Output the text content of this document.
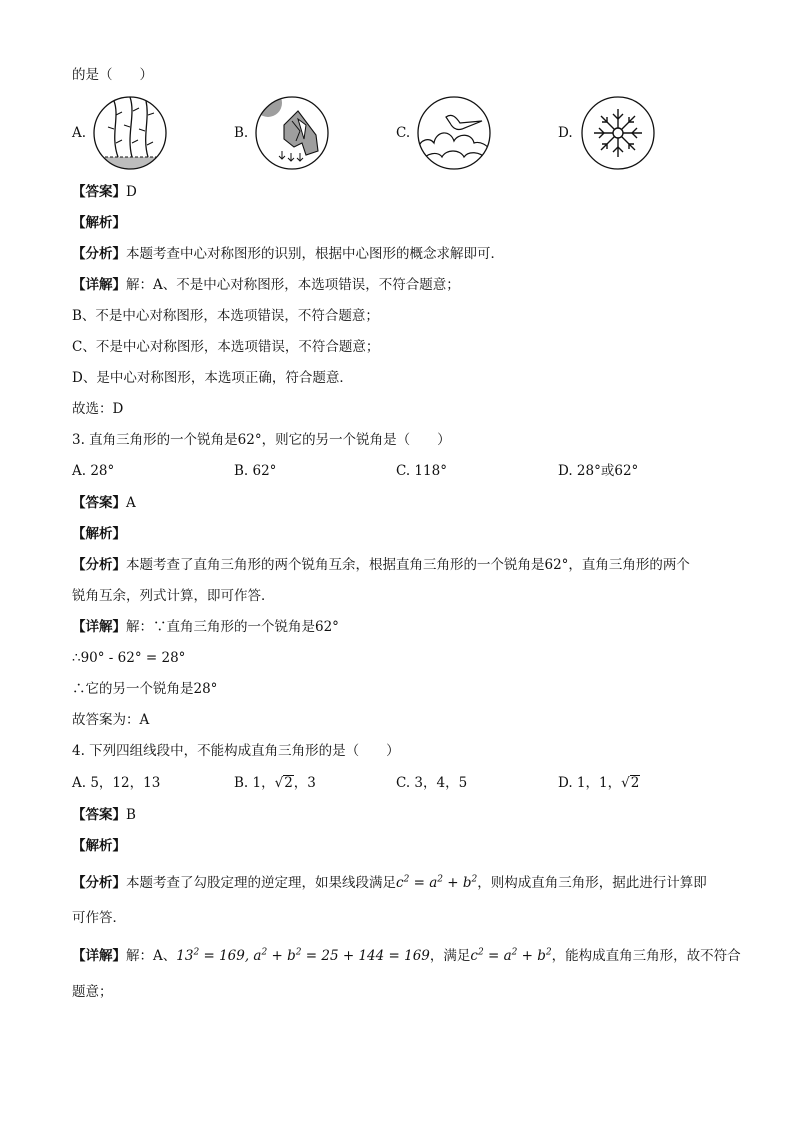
的是（　　）
A.	B.	C.	D.
【答案】D
【解析】
【分析】本题考查中心对称图形的识别，根据中心图形的概念求解即可．
【详解】解：A、不是中心对称图形，本选项错误，不符合题意；
B、不是中心对称图形，本选项错误，不符合题意；
C、不是中心对称图形，本选项错误，不符合题意；
D、是中心对称图形，本选项正确，符合题意．
故选：D
3. 直角三角形的一个锐角是62°，则它的另一个锐角是（　　）
A. 28°	B. 62°	C. 118°	D. 28°或62°
【答案】A
【解析】
【分析】本题考查了直角三角形的两个锐角互余，根据直角三角形的一个锐角是62°，直角三角形的两个
锐角互余，列式计算，即可作答．
【详解】解：∵直角三角形的一个锐角是62°
∴90° - 62° = 28°
∴它的另一个锐角是28°
故答案为：A
4. 下列四组线段中，不能构成直角三角形的是（　　）
A. 5，12，13	B. 1，√2，3	C. 3，4，5	D. 1，1，√2
【答案】B
【解析】
【分析】本题考查了勾股定理的逆定理，如果线段满足$c^2 = a^2 + b^2$，则构成直角三角形，据此进行计算即
可作答．
【详解】解：A、$13^2 = 169$, $a^2 + b^2 = 25 + 144 = 169$，满足$c^2 = a^2 + b^2$，能构成直角三角形，故不符合
题意；
